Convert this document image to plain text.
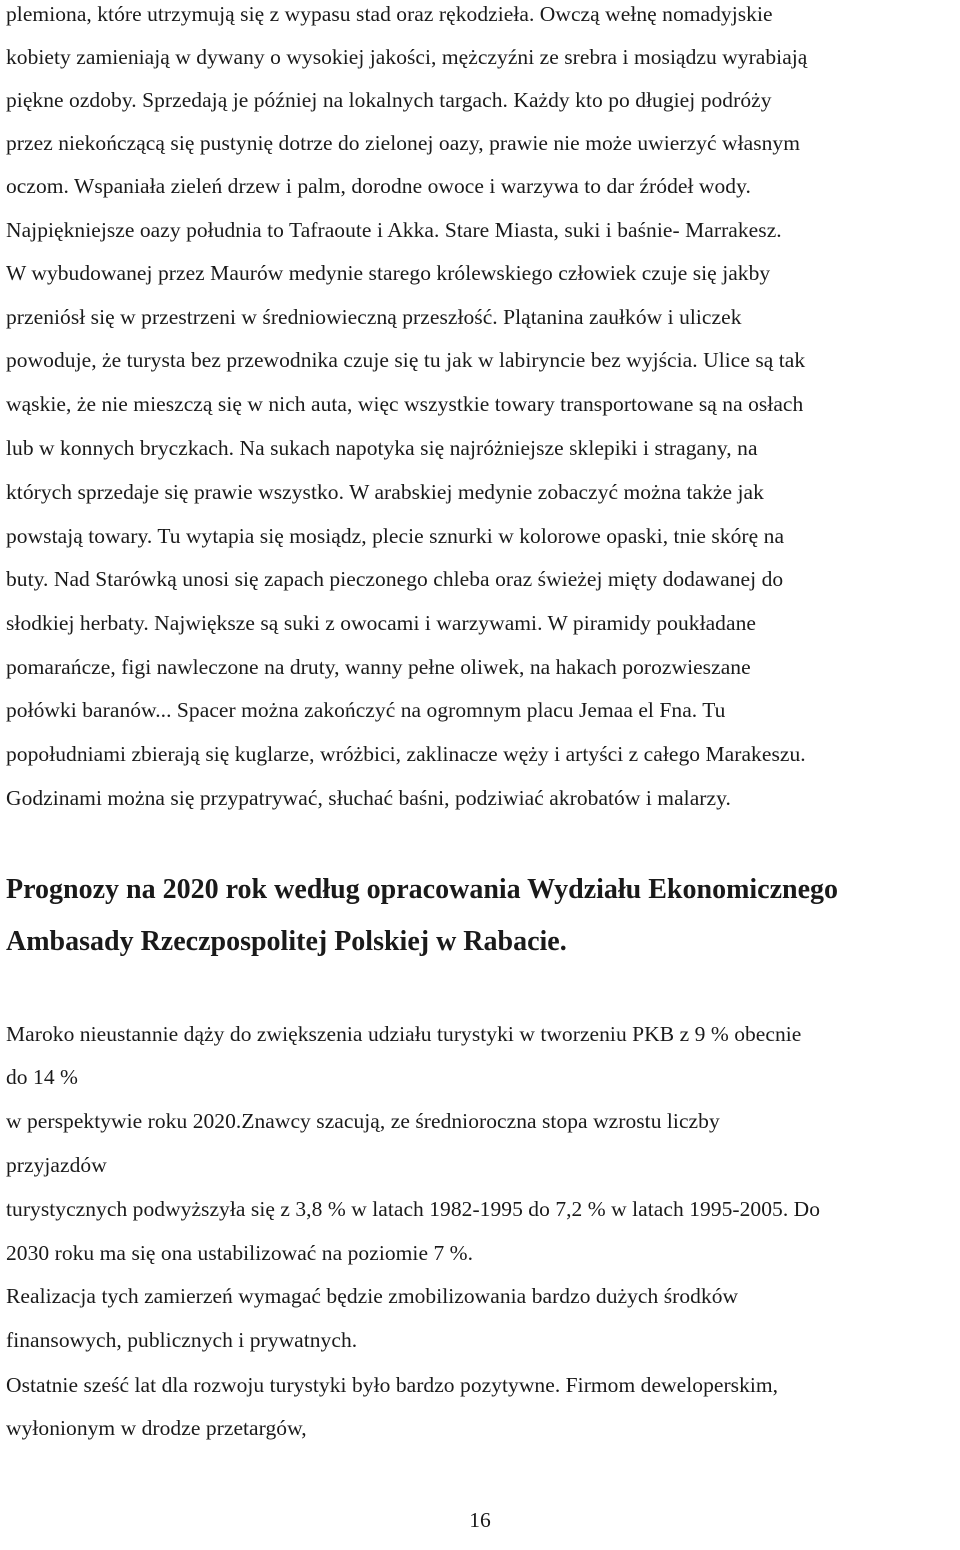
plemiona, które utrzymują się z wypasu stad oraz rękodzieła. Owczą wełnę nomadyjskie

kobiety zamieniają w dywany o wysokiej jakości, mężczyźni ze srebra i mosiądzu wyrabiają

piękne ozdoby. Sprzedają je później na lokalnych targach. Każdy kto po długiej podróży

przez niekończącą się pustynię dotrze do zielonej oazy, prawie nie może uwierzyć własnym

oczom. Wspaniała zieleń drzew i palm, dorodne owoce i warzywa to dar źródeł wody.

Najpiękniejsze oazy południa to Tafraoute i Akka. Stare Miasta, suki i baśnie- Marrakesz.

W wybudowanej przez Maurów medynie starego królewskiego człowiek czuje się jakby

przeniósł się w przestrzeni w średniowieczną przeszłość. Plątanina zaułków i uliczek

powoduje, że turysta bez przewodnika czuje się tu jak w labiryncie bez wyjścia. Ulice są tak

wąskie, że nie mieszczą się w nich auta, więc wszystkie towary transportowane są na osłach

lub w konnych bryczkach. Na sukach napotyka się najróżniejsze sklepiki i stragany, na

których sprzedaje się prawie wszystko. W arabskiej medynie zobaczyć można także jak

powstają towary. Tu wytapia się mosiądz, plecie sznurki w kolorowe opaski, tnie skórę na

buty. Nad Starówką unosi się zapach pieczonego chleba oraz świeżej mięty dodawanej do

słodkiej herbaty. Największe są suki z owocami i warzywami. W piramidy poukładane

pomarańcze, figi nawleczone na druty, wanny pełne oliwek, na hakach porozwieszane

połówki baranów... Spacer można zakończyć na ogromnym placu Jemaa el Fna. Tu

popołudniami zbierają się kuglarze, wróżbici, zaklinacze węży i artyści z całego Marakeszu.

Godzinami można się przypatrywać, słuchać baśni, podziwiać akrobatów i malarzy.

Prognozy na 2020 rok według opracowania Wydziału Ekonomicznego

Ambasady Rzeczpospolitej Polskiej w Rabacie.

Maroko nieustannie dąży do zwiększenia udziału turystyki w tworzeniu PKB z 9 % obecnie

do 14 %

w perspektywie roku 2020.Znawcy szacują, ze średnioroczna stopa wzrostu liczby

przyjazdów

turystycznych podwyższyła się z 3,8 % w latach 1982-1995 do 7,2 % w latach 1995-2005. Do

2030 roku ma się ona ustabilizować na poziomie 7 %.

Realizacja tych zamierzeń wymagać będzie zmobilizowania bardzo dużych środków

finansowych, publicznych i prywatnych.

Ostatnie sześć lat dla rozwoju turystyki było bardzo pozytywne. Firmom deweloperskim,

wyłonionym w drodze przetargów,

16
